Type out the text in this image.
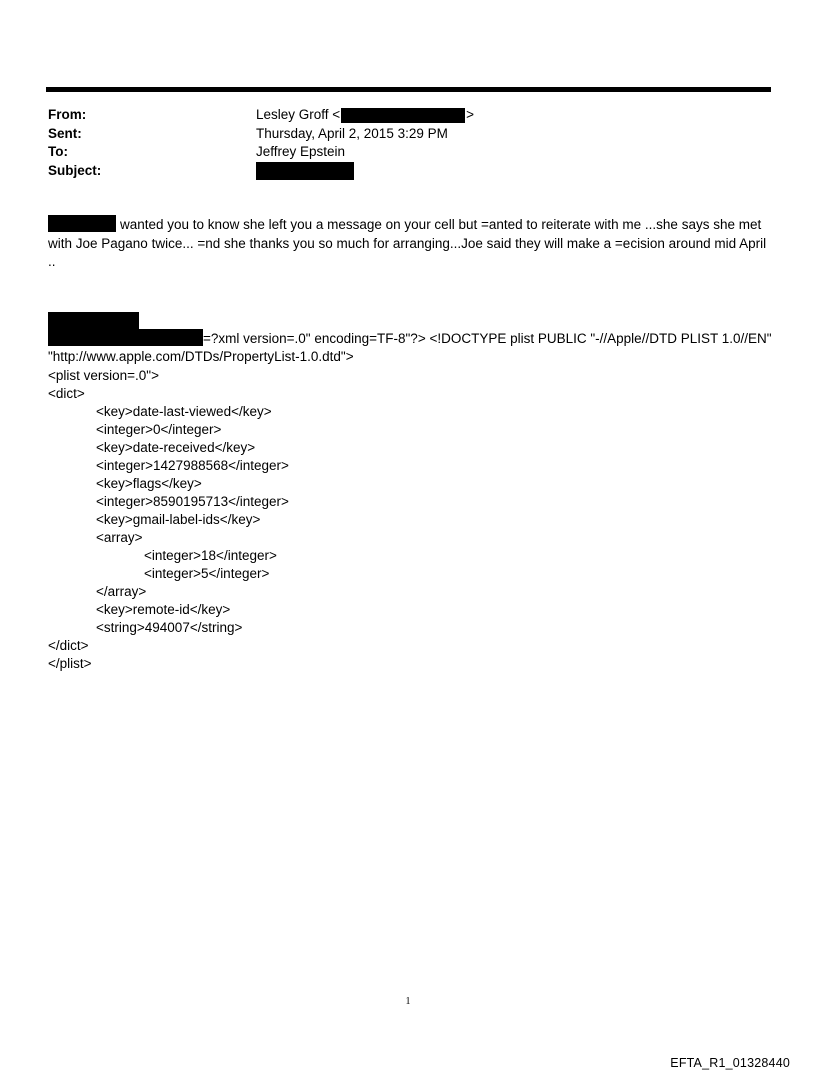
From:	Lesley Groff <	>
Sent:	Thursday, April 2, 2015 3:29 PM
To:	Jeffrey Epstein
Subject:
wanted you to know she left you a message on your cell but =anted to reiterate with me ...she says she met
with Joe Pagano twice... =nd she thanks you so much for arranging...Joe said they will make a =ecision around mid April
..
=?xml version=.0" encoding=TF-8"?> <!DOCTYPE plist PUBLIC "-//Apple//DTD PLIST 1.0//EN"
"http://www.apple.com/DTDs/PropertyList-1.0.dtd">
<plist version=.0">
<dict>
<key>date-last-viewed</key>
<integer>0</integer>
<key>date-received</key>
<integer>1427988568</integer>
<key>flags</key>
<integer>8590195713</integer>
<key>gmail-label-ids</key>
<array>
<integer>18</integer>
<integer>5</integer>
</array>
<key>remote-id</key>
<string>494007</string>
</dict>
</plist>
1
EFTA_R1_01328440
